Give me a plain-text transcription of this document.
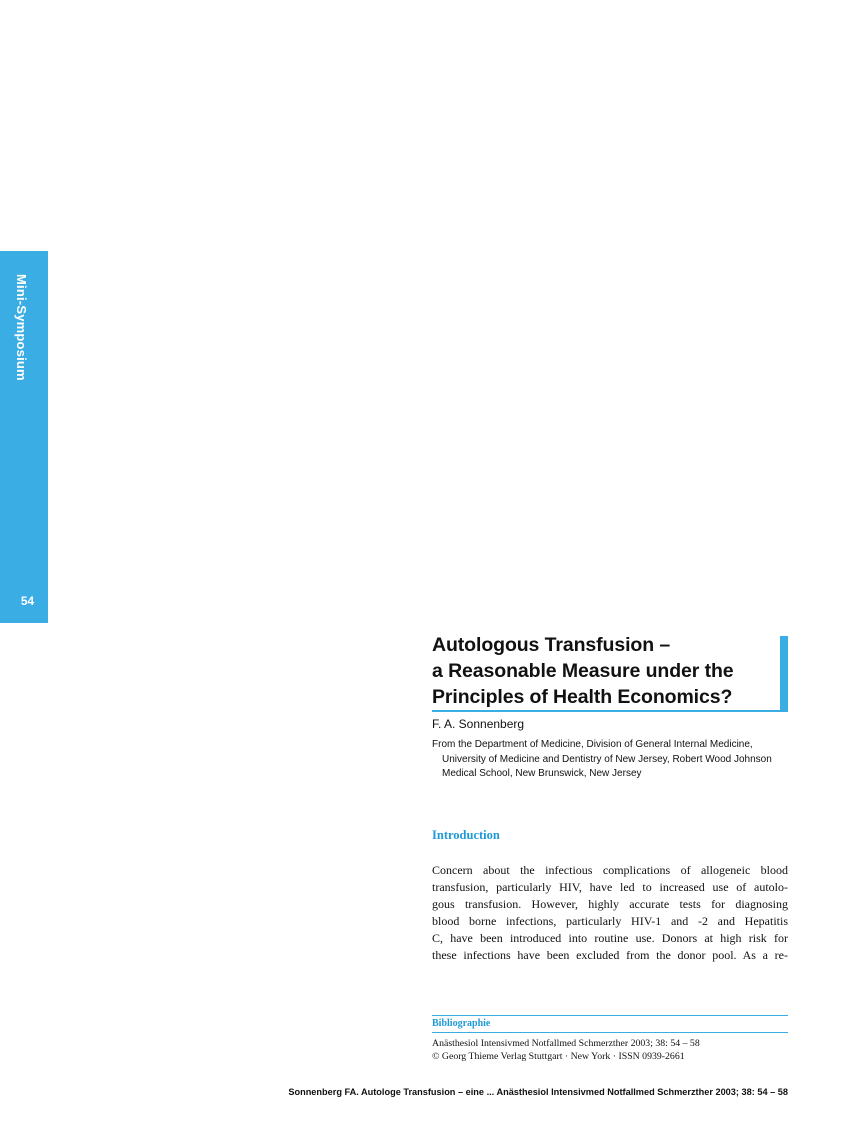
Mini-Symposium
54
Autologous Transfusion –
a Reasonable Measure under the
Principles of Health Economics?
F. A. Sonnenberg
From the Department of Medicine, Division of General Internal Medicine,
University of Medicine and Dentistry of New Jersey, Robert Wood Johnson
Medical School, New Brunswick, New Jersey
Introduction
Concern about the infectious complications of allogeneic blood
transfusion, particularly HIV, have led to increased use of autolo-
gous transfusion. However, highly accurate tests for diagnosing
blood borne infections, particularly HIV-1 and -2 and Hepatitis
C, have been introduced into routine use. Donors at high risk for
these infections have been excluded from the donor pool. As a re-
Bibliographie
Anästhesiol Intensivmed Notfallmed Schmerzther 2003; 38: 54 – 58
© Georg Thieme Verlag Stuttgart · New York · ISSN 0939-2661
Sonnenberg FA. Autologe Transfusion – eine ... Anästhesiol Intensivmed Notfallmed Schmerzther 2003; 38: 54 – 58
